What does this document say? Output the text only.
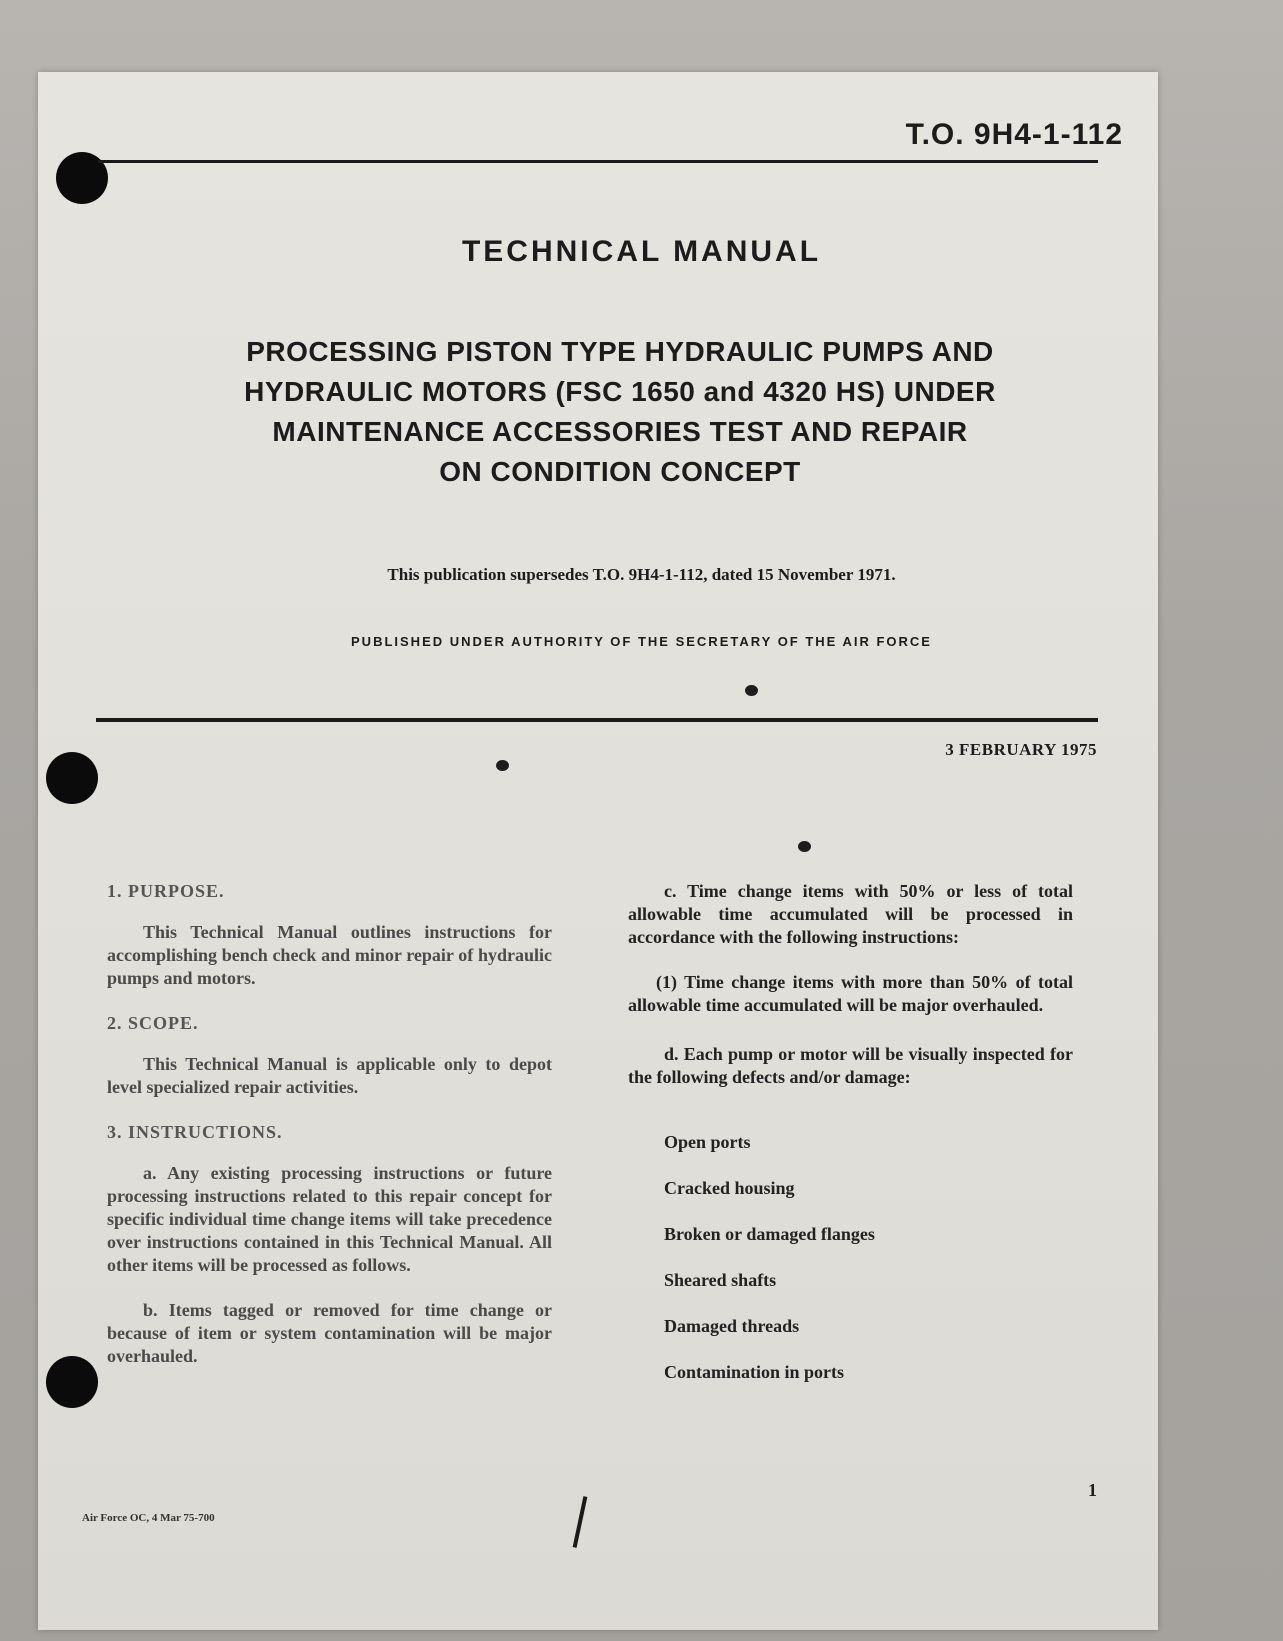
T.O. 9H4-1-112
TECHNICAL MANUAL
PROCESSING PISTON TYPE HYDRAULIC PUMPS AND
HYDRAULIC MOTORS (FSC 1650 and 4320 HS) UNDER
MAINTENANCE ACCESSORIES TEST AND REPAIR
ON CONDITION CONCEPT
This publication supersedes T.O. 9H4-1-112, dated 15 November 1971.
PUBLISHED UNDER AUTHORITY OF THE SECRETARY OF THE AIR FORCE
3 FEBRUARY 1975

1. PURPOSE.

This Technical Manual outlines instructions for accomplishing bench check and minor repair of hydraulic pumps and motors.

2. SCOPE.

This Technical Manual is applicable only to depot level specialized repair activities.

3. INSTRUCTIONS.

a. Any existing processing instructions or future processing instructions related to this repair concept for specific individual time change items will take precedence over instructions contained in this Technical Manual. All other items will be processed as follows.

b. Items tagged or removed for time change or because of item or system contamination will be major overhauled.

c. Time change items with 50% or less of total allowable time accumulated will be processed in accordance with the following instructions:

(1) Time change items with more than 50% of total allowable time accumulated will be major overhauled.

d. Each pump or motor will be visually inspected for the following defects and/or damage:

Open ports
Cracked housing
Broken or damaged flanges
Sheared shafts
Damaged threads
Contamination in ports
Air Force OC, 4 Mar 75-700
1
